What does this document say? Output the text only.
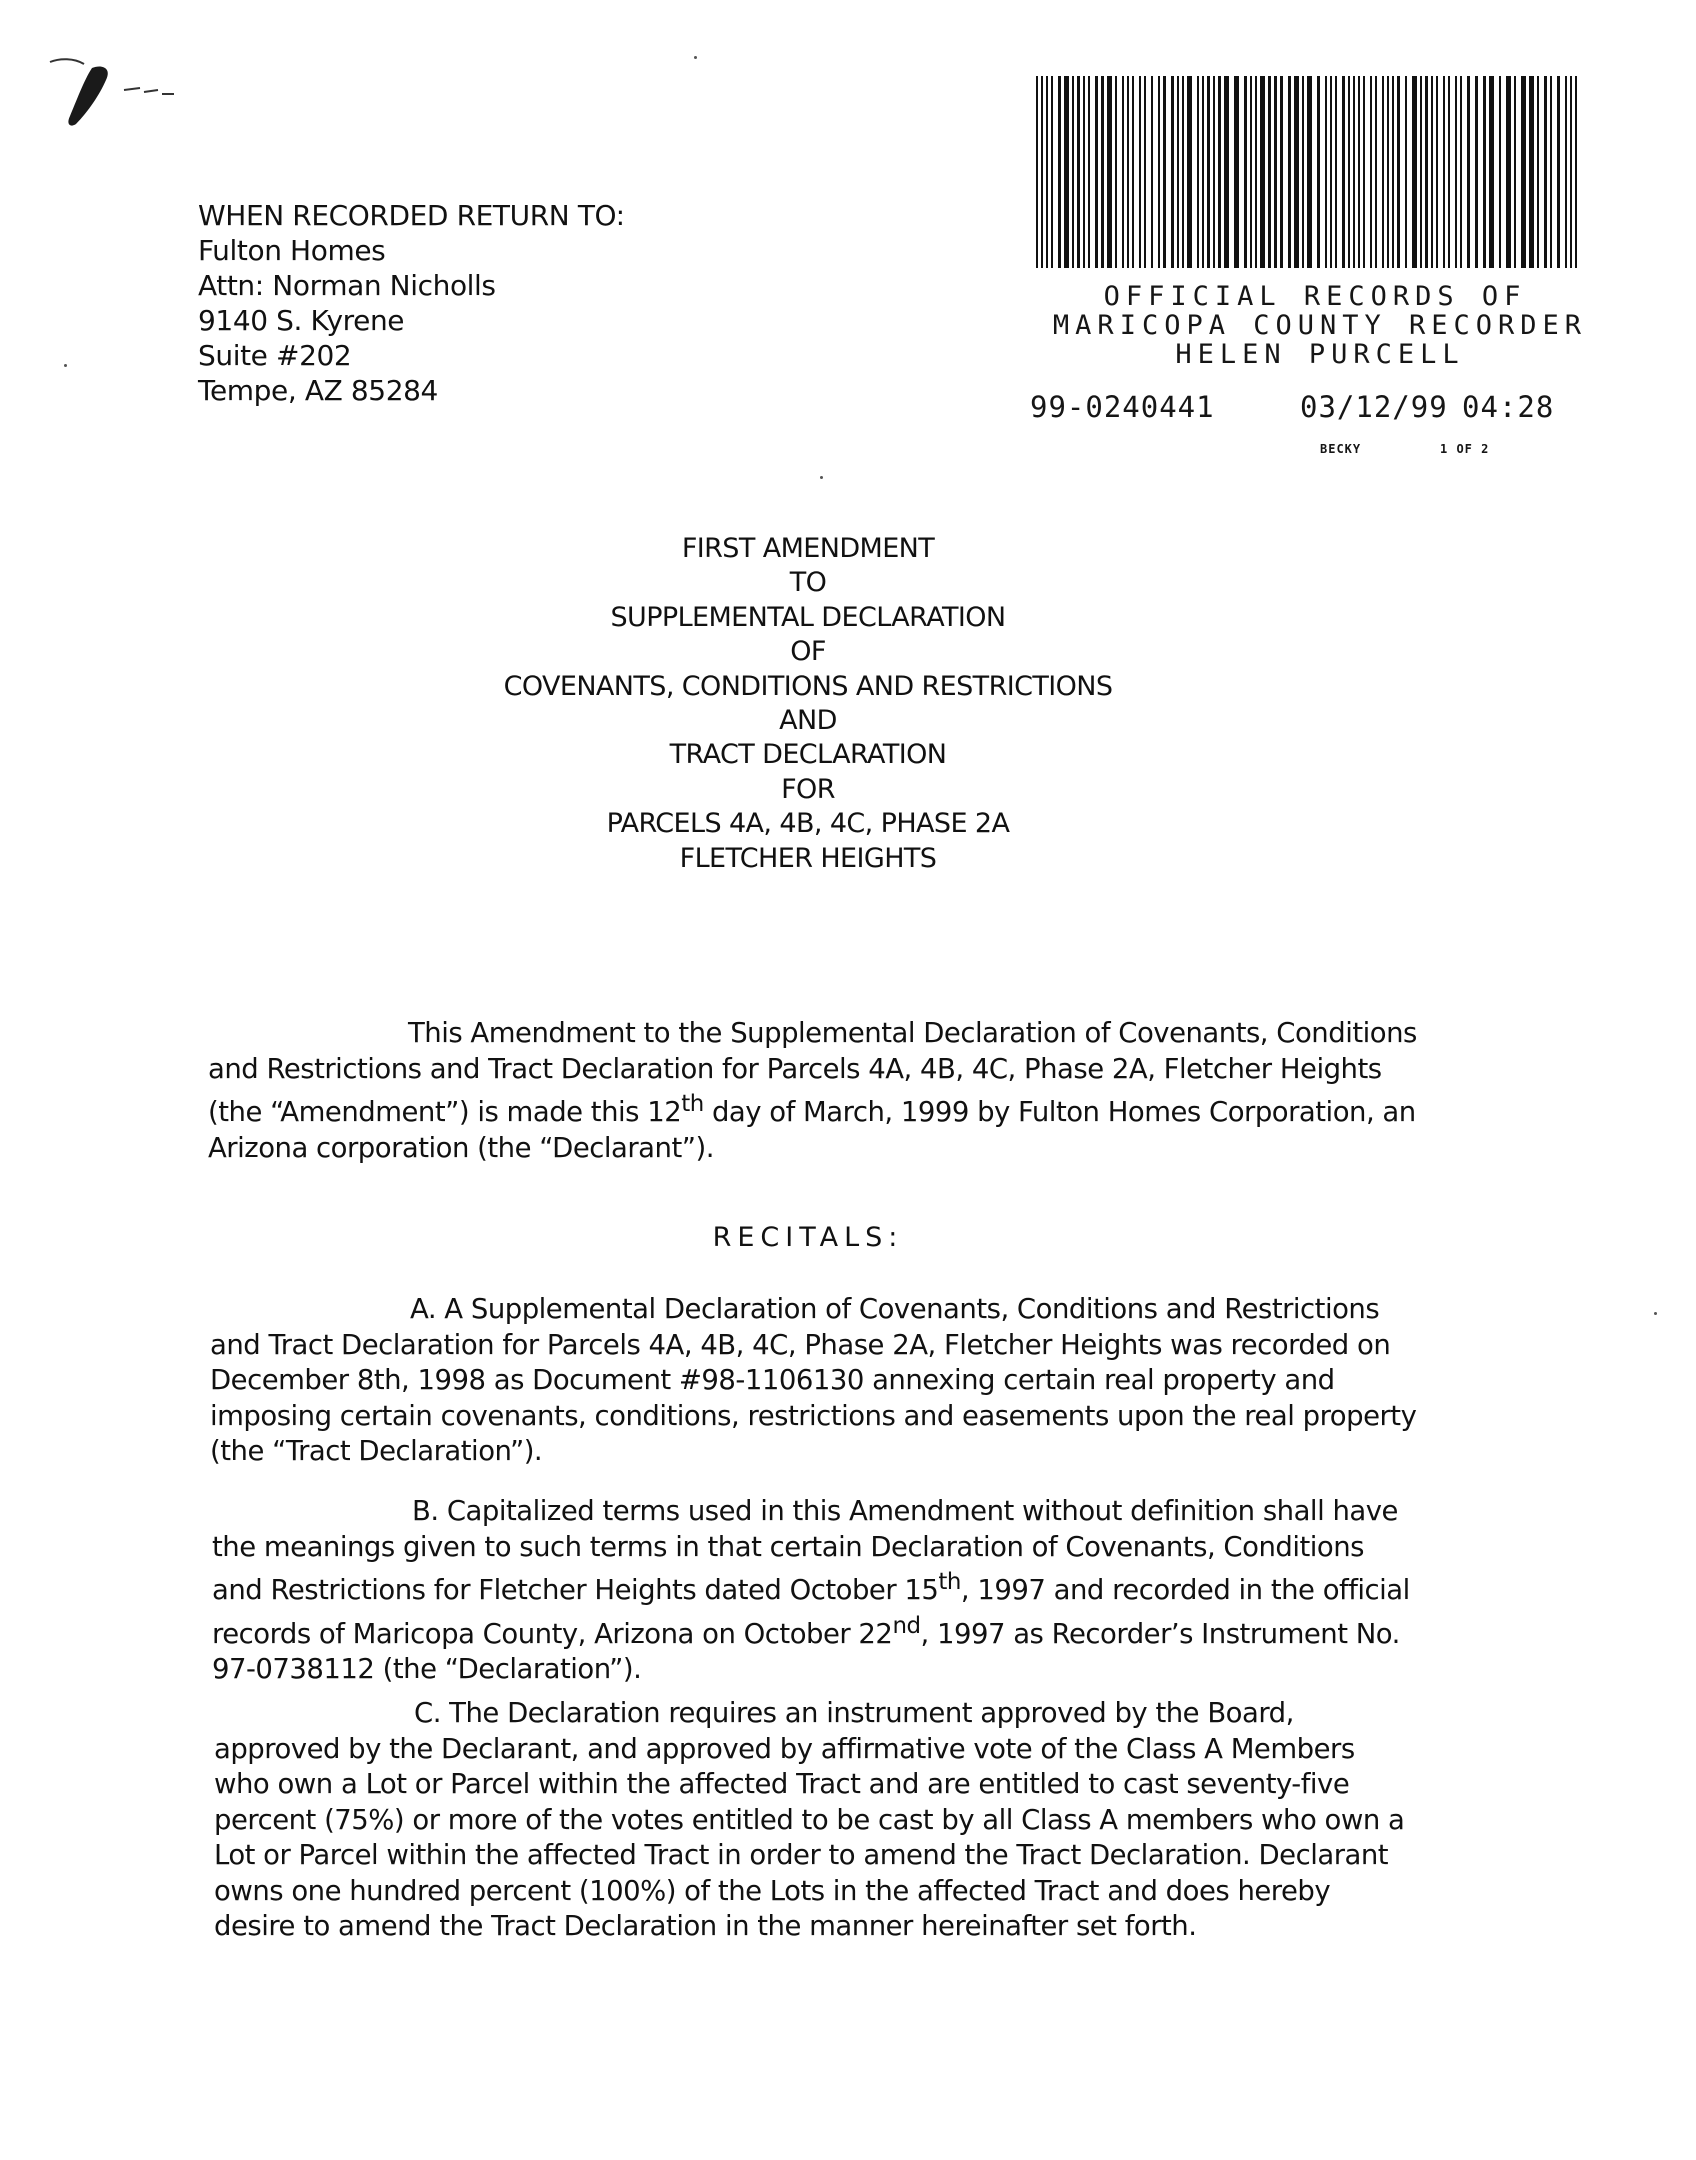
WHEN RECORDED RETURN TO:
Fulton Homes
Attn: Norman Nicholls
9140 S. Kyrene
Suite #202
Tempe, AZ 85284
OFFICIAL RECORDS OF
MARICOPA COUNTY RECORDER
HELEN PURCELL
99-0240441	03/12/99 04:28
BECKY	1 OF 2
FIRST AMENDMENT
TO
SUPPLEMENTAL DECLARATION
OF
COVENANTS, CONDITIONS AND RESTRICTIONS
AND
TRACT DECLARATION
FOR
PARCELS 4A, 4B, 4C, PHASE 2A
FLETCHER HEIGHTS
This Amendment to the Supplemental Declaration of Covenants, Conditions and Restrictions and Tract Declaration for Parcels 4A, 4B, 4C, Phase 2A, Fletcher Heights (the “Amendment”) is made this 12th day of March, 1999 by Fulton Homes Corporation, an Arizona corporation (the “Declarant”).
RECITALS:
A. A Supplemental Declaration of Covenants, Conditions and Restrictions and Tract Declaration for Parcels 4A, 4B, 4C, Phase 2A, Fletcher Heights was recorded on December 8th, 1998 as Document #98-1106130 annexing certain real property and imposing certain covenants, conditions, restrictions and easements upon the real property (the “Tract Declaration”).
B. Capitalized terms used in this Amendment without definition shall have the meanings given to such terms in that certain Declaration of Covenants, Conditions and Restrictions for Fletcher Heights dated October 15th, 1997 and recorded in the official records of Maricopa County, Arizona on October 22nd, 1997 as Recorder’s Instrument No. 97-0738112 (the “Declaration”).
C. The Declaration requires an instrument approved by the Board, approved by the Declarant, and approved by affirmative vote of the Class A Members who own a Lot or Parcel within the affected Tract and are entitled to cast seventy-five percent (75%) or more of the votes entitled to be cast by all Class A members who own a Lot or Parcel within the affected Tract in order to amend the Tract Declaration. Declarant owns one hundred percent (100%) of the Lots in the affected Tract and does hereby desire to amend the Tract Declaration in the manner hereinafter set forth.
